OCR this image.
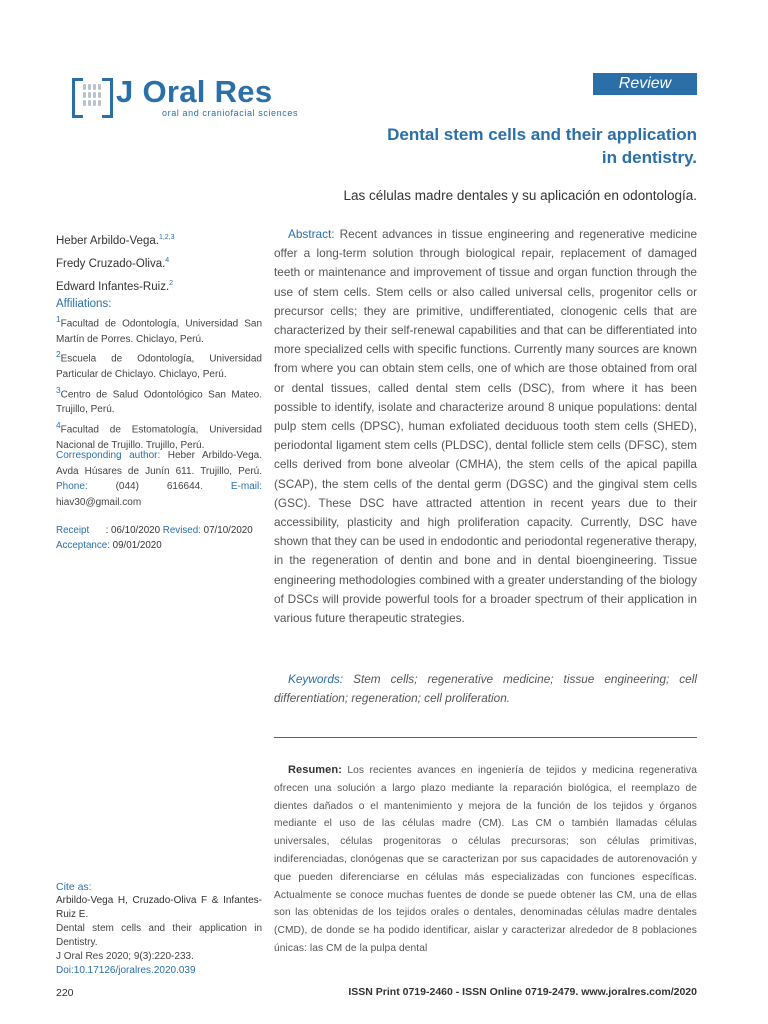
J Oral Res
oral and craniofacial sciences
Review
Dental stem cells and their application
in dentistry.
Las células madre dentales y su aplicación en odontología.
Heber Arbildo-Vega.$^{1,2,3}$
Fredy Cruzado-Oliva.$^4$
Edward Infantes-Ruiz.$^2$
Affiliations:
$^1$Facultad de Odontología, Universidad San Martín de Porres. Chiclayo, Perú.
$^2$Escuela de Odontología, Universidad Particular de Chiclayo. Chiclayo, Perú.
$^3$Centro de Salud Odontológico San Mateo. Trujillo, Perú.
$^4$Facultad de Estomatología, Universidad Nacional de Trujillo. Trujillo, Perú.
Corresponding author: Heber Arbildo-Vega. Avda Húsares de Junín 611. Trujillo, Perú. Phone:	(044) 616644.	E-mail: hiav30@gmail.com
Receipt : 06/10/2020 Revised: 07/10/2020
Acceptance: 09/01/2020
Cite as:
Arbildo-Vega H, Cruzado-Oliva F & Infantes-Ruiz E.
Dental stem cells and their application in Dentistry.
J Oral Res 2020; 9(3):220-233.
Doi:10.17126/joralres.2020.039
220
Abstract: Recent advances in tissue engineering and regenerative medicine offer a long-term solution through biological repair, replacement of damaged teeth or maintenance and improvement of tissue and organ function through the use of stem cells. Stem cells or also called universal cells, progenitor cells or precursor cells; they are primitive, undifferentiated, clonogenic cells that are characterized by their self-renewal capabilities and that can be differentiated into more specialized cells with specific functions. Currently many sources are known from where you can obtain stem cells, one of which are those obtained from oral or dental tissues, called dental stem cells (DSC), from where it has been possible to identify, isolate and characterize around 8 unique populations: dental pulp stem cells (DPSC), human exfoliated deciduous tooth stem cells (SHED), periodontal ligament stem cells (PLDSC), dental follicle stem cells (DFSC), stem cells derived from bone alveolar (CMHA), the stem cells of the apical papilla (SCAP), the stem cells of the dental germ (DGSC) and the gingival stem cells (GSC). These DSC have attracted attention in recent years due to their accessibility, plasticity and high proliferation capacity. Currently, DSC have shown that they can be used in endodontic and periodontal regenerative therapy, in the regeneration of dentin and bone and in dental bioengineering. Tissue engineering methodologies combined with a greater understanding of the biology of DSCs will provide powerful tools for a broader spectrum of their application in various future therapeutic strategies.
Keywords: Stem cells; regenerative medicine; tissue engineering; cell differentiation; regeneration; cell proliferation.
Resumen: Los recientes avances en ingeniería de tejidos y medicina regenerativa ofrecen una solución a largo plazo mediante la reparación biológica, el reemplazo de dientes dañados o el mantenimiento y mejora de la función de los tejidos y órganos mediante el uso de las células madre (CM). Las CM o también llamadas células universales, células progenitoras o células precursoras; son células primitivas, indiferenciadas, clonógenas que se caracterizan por sus capacidades de autorenovación y que pueden diferenciarse en células más especializadas con funciones específicas. Actualmente se conoce muchas fuentes de donde se puede obtener las CM, una de ellas son las obtenidas de los tejidos orales o dentales, denominadas células madre dentales (CMD), de donde se ha podido identificar, aislar y caracterizar alrededor de 8 poblaciones únicas: las CM de la pulpa dental
ISSN Print 0719-2460 - ISSN Online 0719-2479. www.joralres.com/2020
